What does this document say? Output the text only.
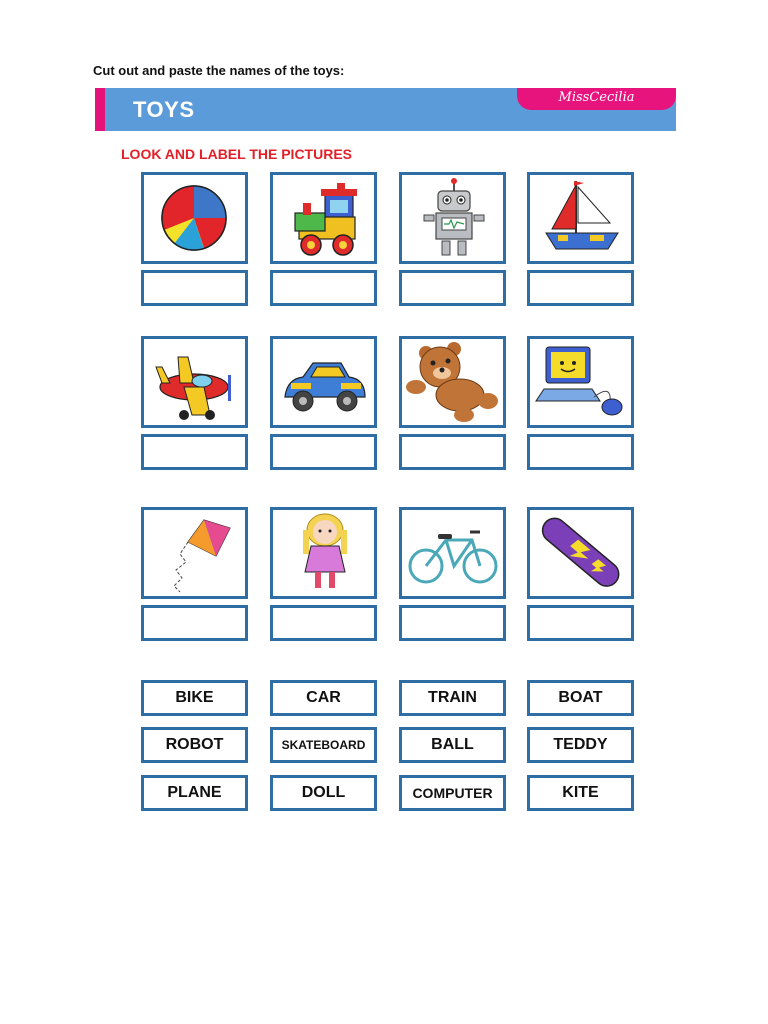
Cut out and paste the names of the toys:
TOYS	MissCecilia
LOOK AND LABEL THE PICTURES
BIKE	CAR	TRAIN	BOAT
ROBOT	SKATEBOARD	BALL	TEDDY
PLANE	DOLL	COMPUTER	KITE
